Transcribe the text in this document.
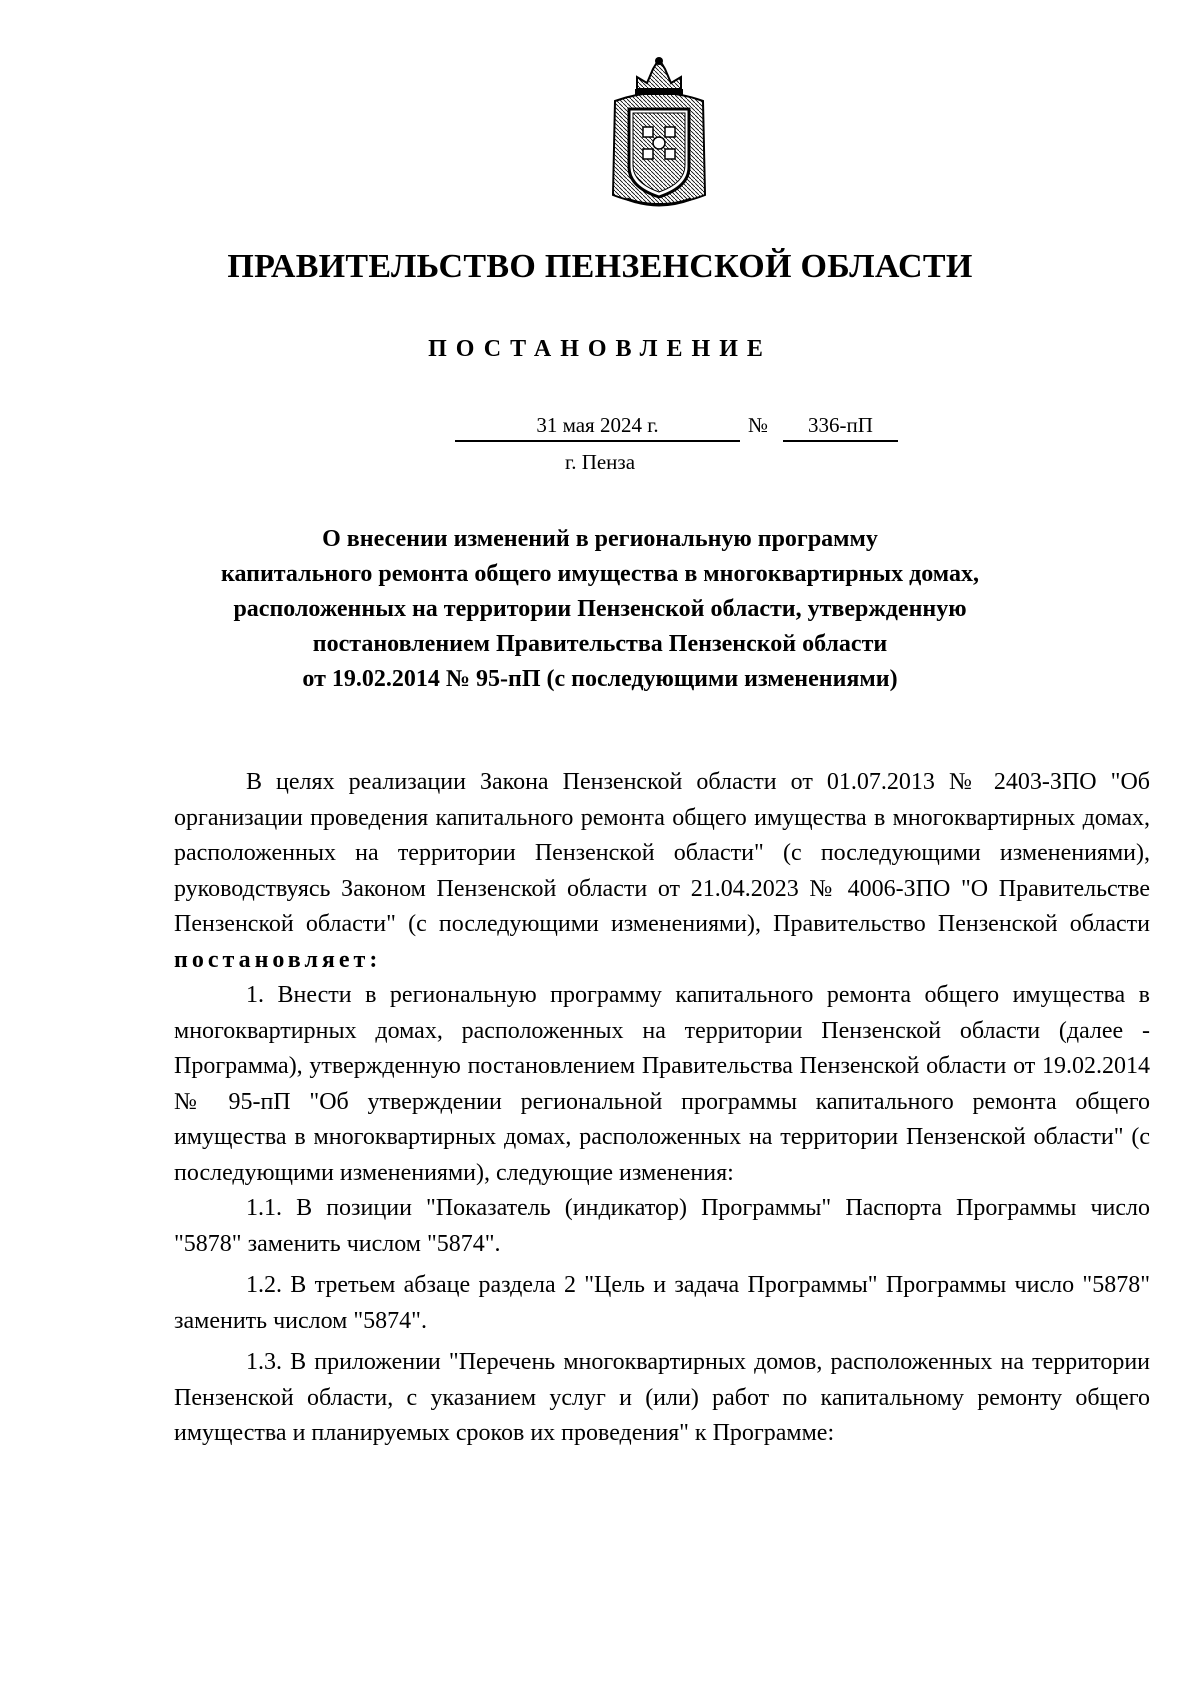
ПРАВИТЕЛЬСТВО ПЕНЗЕНСКОЙ ОБЛАСТИ
ПОСТАНОВЛЕНИЕ
31 мая 2024 г.	№	336-пП
г. Пенза
О внесении изменений в региональную программу
капитального ремонта общего имущества в многоквартирных домах,
расположенных на территории Пензенской области, утвержденную
постановлением Правительства Пензенской области
от 19.02.2014 № 95-пП (с последующими изменениями)

В целях реализации Закона Пензенской области от 01.07.2013 № 2403-ЗПО "Об организации проведения капитального ремонта общего имущества в многоквартирных домах, расположенных на территории Пензенской области" (с последующими изменениями), руководствуясь Законом Пензенской области от 21.04.2023 № 4006-ЗПО "О Правительстве Пензенской области" (с последующими изменениями), Правительство Пензенской области постановляет:

1. Внести в региональную программу капитального ремонта общего имущества в многоквартирных домах, расположенных на территории Пензенской области (далее - Программа), утвержденную постановлением Правительства Пензенской области от 19.02.2014 № 95-пП "Об утверждении региональной программы капитального ремонта общего имущества в многоквартирных домах, расположенных на территории Пензенской области" (с последующими изменениями), следующие изменения:

1.1. В позиции "Показатель (индикатор) Программы" Паспорта Программы число "5878" заменить числом "5874".

1.2. В третьем абзаце раздела 2 "Цель и задача Программы" Программы число "5878" заменить числом "5874".

1.3. В приложении "Перечень многоквартирных домов, расположенных на территории Пензенской области, с указанием услуг и (или) работ по капитальному ремонту общего имущества и планируемых сроков их проведения" к Программе:
